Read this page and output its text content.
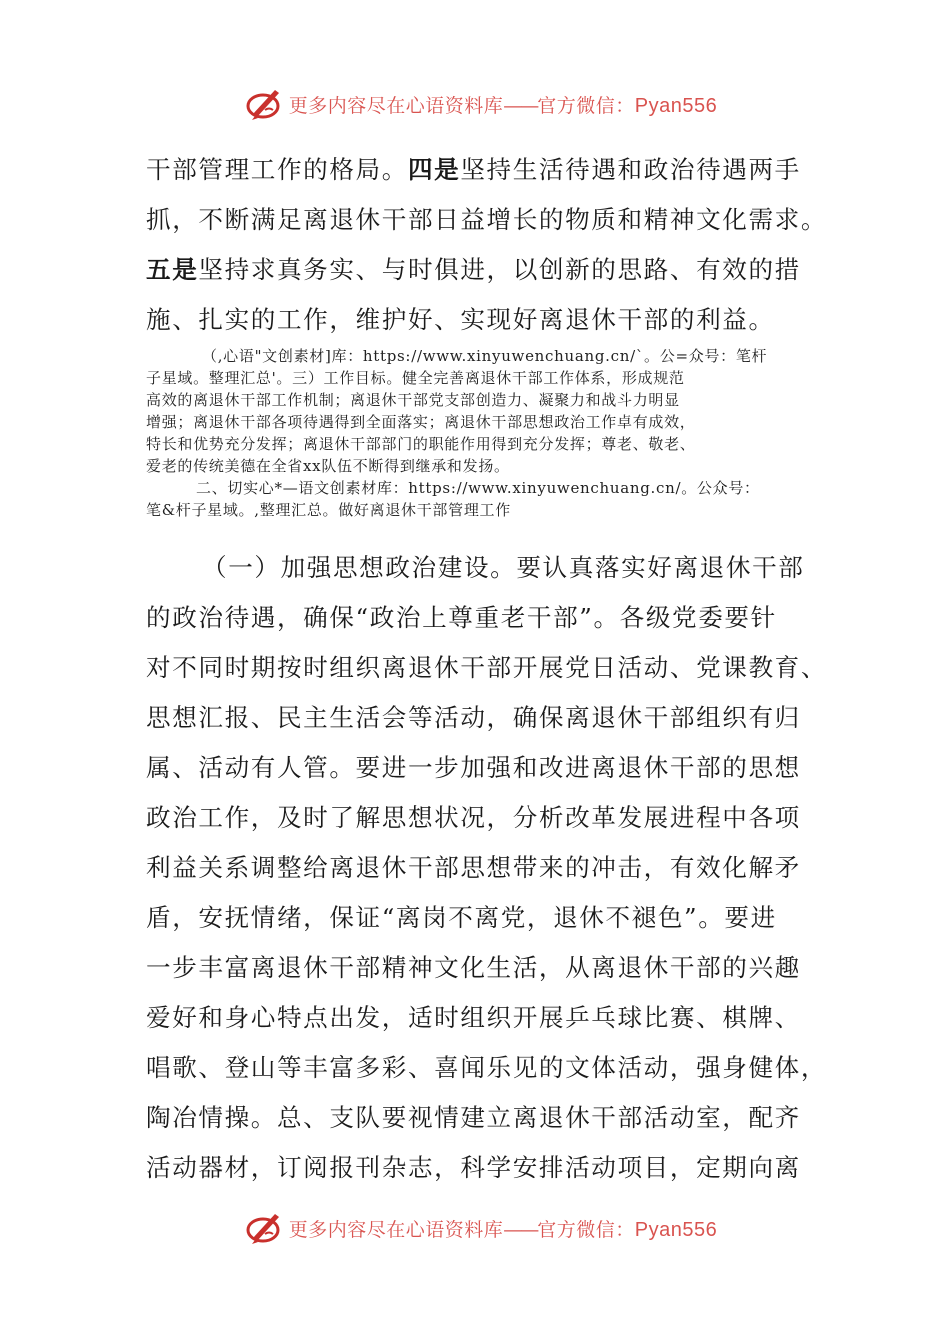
更多内容尽在心语资料库——官方微信：Pyan556
干部管理工作的格局。四是坚持生活待遇和政治待遇两手
抓，不断满足离退休干部日益增长的物质和精神文化需求。
五是坚持求真务实、与时俱进，以创新的思路、有效的措
施、扎实的工作，维护好、实现好离退休干部的利益。
（,心语"文创素材]库：https://www.xinyuwenchuang.cn/`。公=众号：笔杆
子星域。整理汇总'。三）工作目标。健全完善离退休干部工作体系，形成规范
高效的离退休干部工作机制；离退休干部党支部创造力、凝聚力和战斗力明显
增强；离退休干部各项待遇得到全面落实；离退休干部思想政治工作卓有成效，
特长和优势充分发挥；离退休干部部门的职能作用得到充分发挥；尊老、敬老、
爱老的传统美德在全省xx队伍不断得到继承和发扬。
二、切实心*—语文创素材库：https://www.xinyuwenchuang.cn/。公众号：
笔&杆子星域。,整理汇总。做好离退休干部管理工作
（一）加强思想政治建设。要认真落实好离退休干部
的政治待遇，确保“政治上尊重老干部”。各级党委要针
对不同时期按时组织离退休干部开展党日活动、党课教育、
思想汇报、民主生活会等活动，确保离退休干部组织有归
属、活动有人管。要进一步加强和改进离退休干部的思想
政治工作，及时了解思想状况，分析改革发展进程中各项
利益关系调整给离退休干部思想带来的冲击，有效化解矛
盾，安抚情绪，保证“离岗不离党，退休不褪色”。要进
一步丰富离退休干部精神文化生活，从离退休干部的兴趣
爱好和身心特点出发，适时组织开展乒乓球比赛、棋牌、
唱歌、登山等丰富多彩、喜闻乐见的文体活动，强身健体，
陶冶情操。总、支队要视情建立离退休干部活动室，配齐
活动器材，订阅报刊杂志，科学安排活动项目，定期向离
更多内容尽在心语资料库——官方微信：Pyan556
